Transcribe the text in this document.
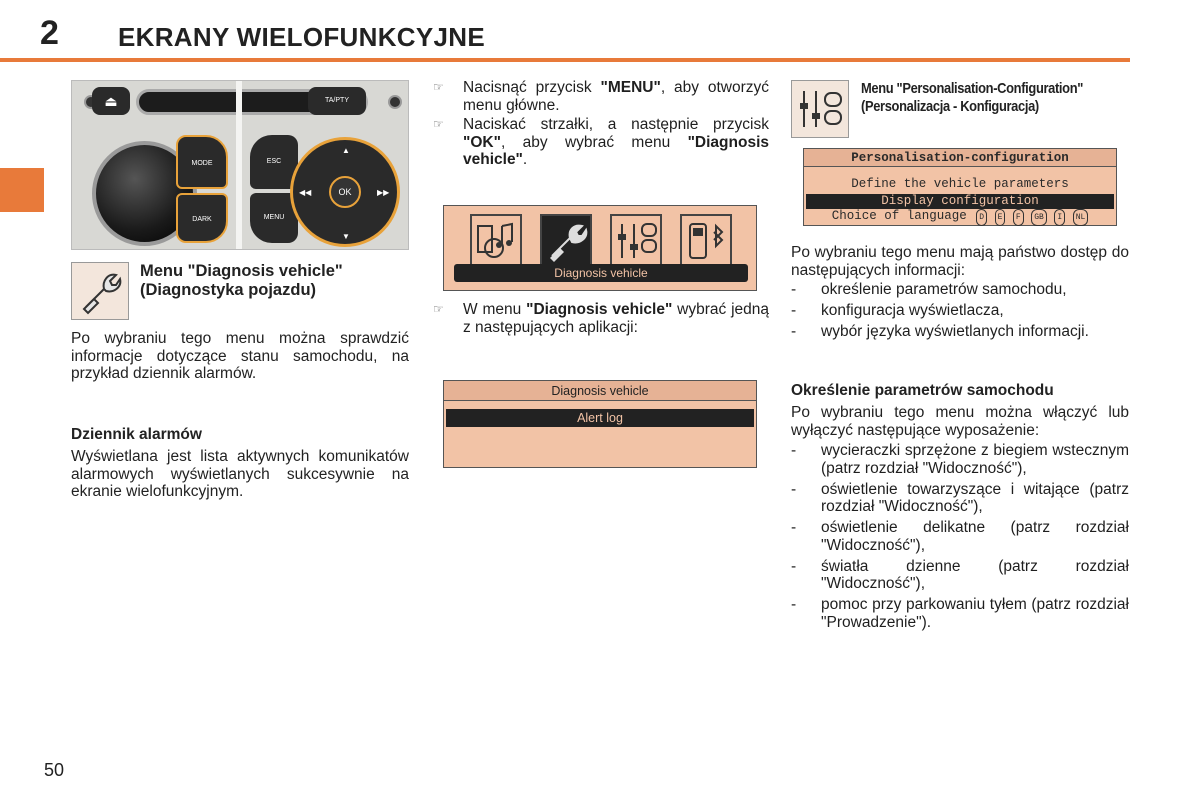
2 EKRANY WIELOFUNKCYJNE
⏏	TA/PTY
MODE
DARK
ESC
MENU
▲
▼
◀◀	▶▶
OK
Menu "Diagnosis vehicle"
(Diagnostyka pojazdu)
Po wybraniu tego menu można sprawdzić informacje dotyczące stanu samochodu, na przykład dziennik alarmów.
Dziennik alarmów
Wyświetlana jest lista aktywnych komunikatów alarmowych wyświetlanych sukcesywnie na ekranie wielofunkcyjnym.
☞	Nacisnąć przycisk "MENU", aby otworzyć menu główne.
☞	Naciskać strzałki, a następnie przycisk "OK", aby wybrać menu "Diagnosis vehicle".
Diagnosis vehicle
☞	W menu "Diagnosis vehicle" wybrać jedną z następujących aplikacji:
Diagnosis vehicle
Alert log
Menu "Personalisation-Configuration"
(Personalizacja - Konfiguracja)
Personalisation-configuration
Define the vehicle parameters
Display configuration
Choice of language D E F GB I NL
Po wybraniu tego menu mają państwo dostęp do następujących informacji:
- określenie parametrów samochodu,
- konfiguracja wyświetlacza,
- wybór języka wyświetlanych informacji.
Określenie parametrów samochodu
Po wybraniu tego menu można włączyć lub wyłączyć następujące wyposażenie:
- wycieraczki sprzężone z biegiem wstecznym (patrz rozdział "Widoczność"),
- oświetlenie towarzyszące i witające (patrz rozdział "Widoczność"),
- oświetlenie delikatne (patrz rozdział "Widoczność"),
- światła dzienne (patrz rozdział "Widoczność"),
- pomoc przy parkowaniu tyłem (patrz rozdział "Prowadzenie").
50
